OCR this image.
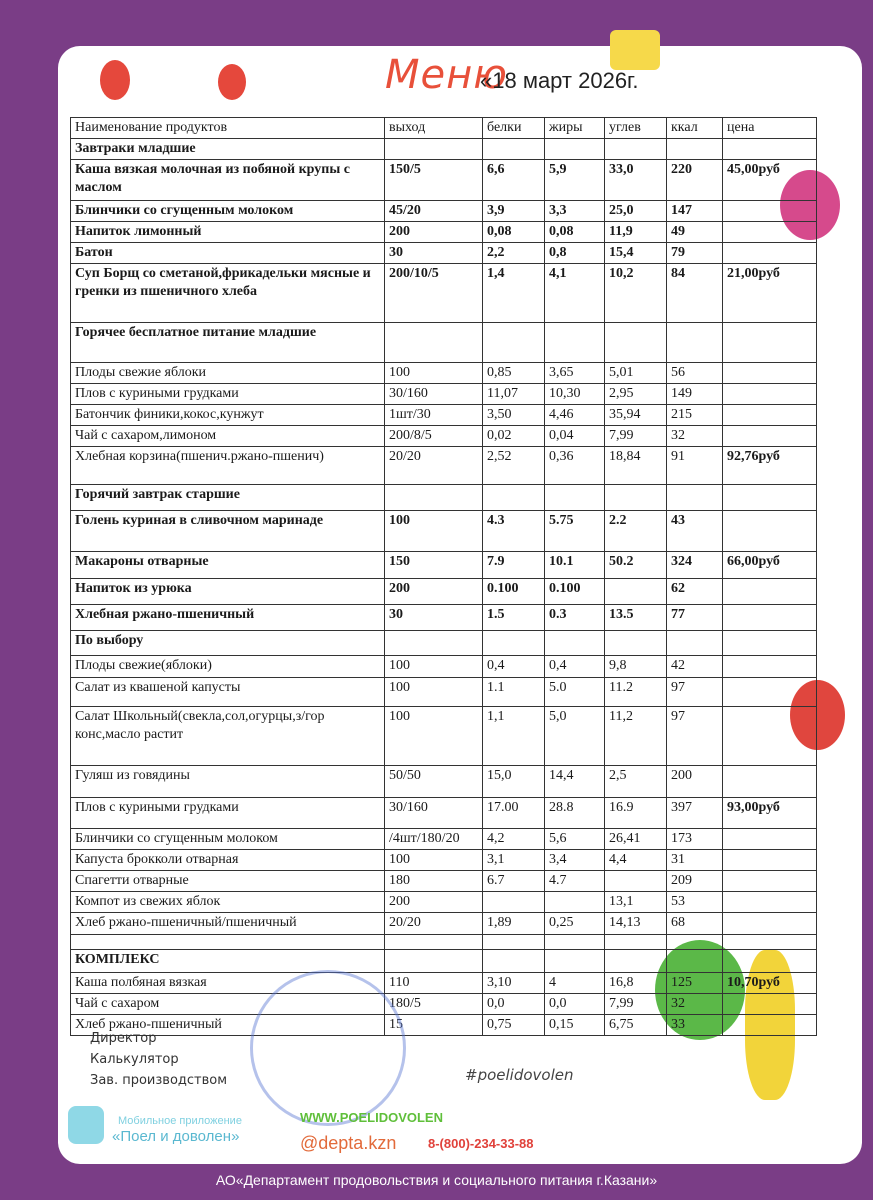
Меню
«18 март 2026г.
Наименование продуктов	выход	белки	жиры	углев	ккал	цена
Завтраки младшие						
Каша вязкая молочная из побяной крупы с маслом	150/5	6,6	5,9	33,0	220	45,00руб
Блинчики со сгущенным молоком	45/20	3,9	3,3	25,0	147	
Напиток лимонный	200	0,08	0,08	11,9	49	
Батон	30	2,2	0,8	15,4	79	
Суп Борщ со сметаной,фрикадельки мясные и гренки из пшеничного хлеба	200/10/5	1,4	4,1	10,2	84	21,00руб
Горячее бесплатное питание младшие						
Плоды свежие яблоки	100	0,85	3,65	5,01	56	
Плов с куриными грудками	30/160	11,07	10,30	2,95	149	
Батончик финики,кокос,кунжут	1шт/30	3,50	4,46	35,94	215	
Чай с сахаром,лимоном	200/8/5	0,02	0,04	7,99	32	
Хлебная корзина(пшенич.ржано-пшенич)	20/20	2,52	0,36	18,84	91	92,76руб
Горячий завтрак старшие						
Голень куриная в сливочном маринаде	100	4.3	5.75	2.2	43	
Макароны отварные	150	7.9	10.1	50.2	324	66,00руб
Напиток из урюка	200	0.100	0.100		62	
Хлебная ржано-пшеничный	30	1.5	0.3	13.5	77	
По выбору						
Плоды свежие(яблоки)	100	0,4	0,4	9,8	42	
Салат из квашеной капусты	100	1.1	5.0	11.2	97	
Салат Школьный(свекла,сол,огурцы,з/гор конс,масло растит	100	1,1	5,0	11,2	97	
Гуляш из говядины	50/50	15,0	14,4	2,5	200	
Плов с куриными грудками	30/160	17.00	28.8	16.9	397	93,00руб
Блинчики со сгущенным молоком	/4шт/180/20	4,2	5,6	26,41	173	
Капуста брокколи отварная	100	3,1	3,4	4,4	31	
Спагетти отварные	180	6.7	4.7		209	
Компот из свежих яблок	200			13,1	53	
Хлеб ржано-пшеничный/пшеничный	20/20	1,89	0,25	14,13	68	

КОМПЛЕКС						
Каша полбяная вязкая	110	3,10	4	16,8	125	10,70руб
Чай с сахаром	180/5	0,0	0,0	7,99	32	
Хлеб ржано-пшеничный	15	0,75	0,15	6,75	33	
Директор
Калькулятор
Зав. производством	#poelidovolen
Мобильное приложение
«Поел и доволен»
WWW.POELIDOVOLEN
@depta.kzn 8-(800)-234-33-88
АО«Департамент продовольствия и социального питания г.Казани»
